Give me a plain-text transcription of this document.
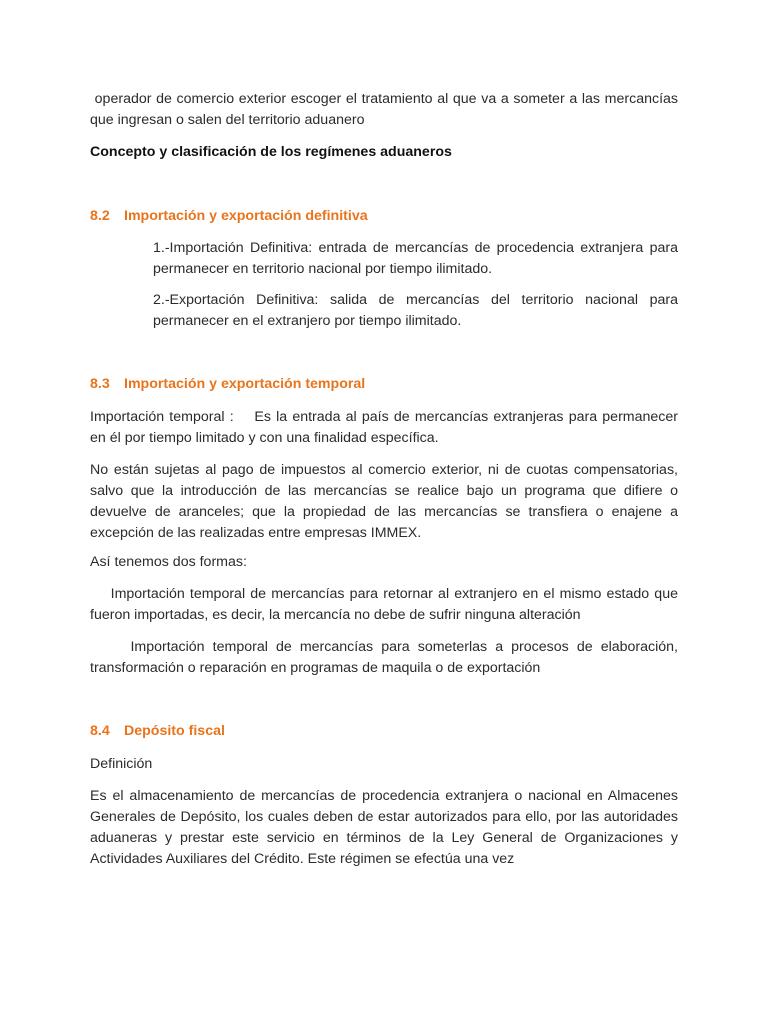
operador de comercio exterior escoger el tratamiento al que va a someter a las mercancías que ingresan o salen del territorio aduanero

Concepto y clasificación de los regímenes aduaneros

8.2 Importación y exportación definitiva

1.-Importación Definitiva: entrada de mercancías de procedencia extranjera para permanecer en territorio nacional por tiempo ilimitado.

2.-Exportación Definitiva: salida de mercancías del territorio nacional para permanecer en el extranjero por tiempo ilimitado.

8.3 Importación y exportación temporal

Importación temporal :    Es la entrada al país de mercancías extranjeras para permanecer en él por tiempo limitado y con una finalidad específica.

No están sujetas al pago de impuestos al comercio exterior, ni de cuotas compensatorias, salvo que la introducción de las mercancías se realice bajo un programa que difiere o devuelve de aranceles; que la propiedad de las mercancías se transfiera o enajene a excepción de las realizadas entre empresas IMMEX.

Así tenemos dos formas:

Importación temporal de mercancías para retornar al extranjero en el mismo estado que fueron importadas, es decir, la mercancía no debe de sufrir ninguna alteración

Importación temporal de mercancías para someterlas a procesos de elaboración, transformación o reparación en programas de maquila o de exportación

8.4 Depósito fiscal

Definición

Es el almacenamiento de mercancías de procedencia extranjera o nacional en Almacenes Generales de Depósito, los cuales deben de estar autorizados para ello, por las autoridades aduaneras y prestar este servicio en términos de la Ley General de Organizaciones y Actividades Auxiliares del Crédito. Este régimen se efectúa una vez
